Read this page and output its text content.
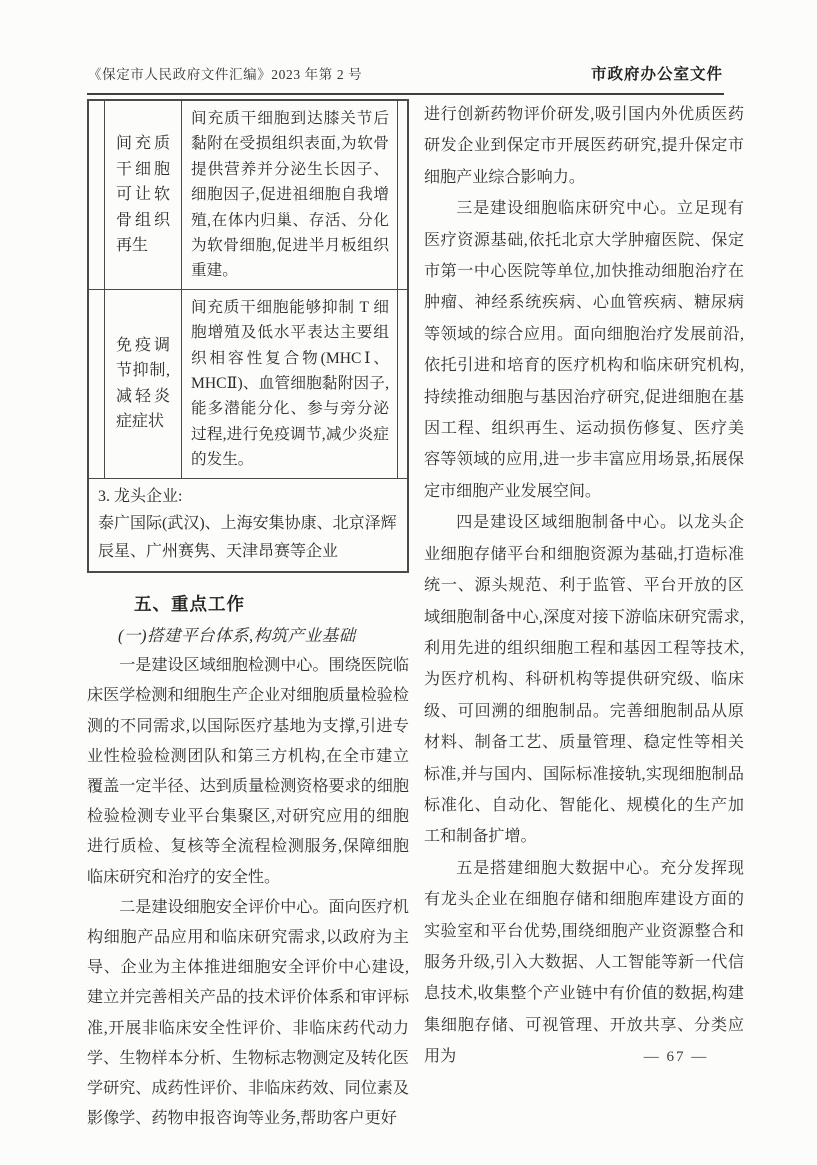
《保定市人民政府文件汇编》2023 年第 2 号	市政府办公室文件
间充质干细胞可让软骨组织再生
间充质干细胞到达膝关节后黏附在受损组织表面,为软骨提供营养并分泌生长因子、细胞因子,促进祖细胞自我增殖,在体内归巢、存活、分化为软骨细胞,促进半月板组织重建。
免疫调节抑制,减轻炎症症状
间充质干细胞能够抑制 T 细胞增殖及低水平表达主要组织相容性复合物(MHCⅠ、MHCⅡ)、血管细胞黏附因子,能多潜能分化、参与旁分泌过程,进行免疫调节,减少炎症的发生。
3. 龙头企业:
泰广国际(武汉)、上海安集协康、北京泽辉辰星、广州赛隽、天津昂赛等企业

五、重点工作

(一)搭建平台体系,构筑产业基础

一是建设区域细胞检测中心。围绕医院临床医学检测和细胞生产企业对细胞质量检验检测的不同需求,以国际医疗基地为支撑,引进专业性检验检测团队和第三方机构,在全市建立覆盖一定半径、达到质量检测资格要求的细胞检验检测专业平台集聚区,对研究应用的细胞进行质检、复核等全流程检测服务,保障细胞临床研究和治疗的安全性。

二是建设细胞安全评价中心。面向医疗机构细胞产品应用和临床研究需求,以政府为主导、企业为主体推进细胞安全评价中心建设,建立并完善相关产品的技术评价体系和审评标准,开展非临床安全性评价、非临床药代动力学、生物样本分析、生物标志物测定及转化医学研究、成药性评价、非临床药效、同位素及影像学、药物申报咨询等业务,帮助客户更好

进行创新药物评价研发,吸引国内外优质医药研发企业到保定市开展医药研究,提升保定市细胞产业综合影响力。

三是建设细胞临床研究中心。立足现有医疗资源基础,依托北京大学肿瘤医院、保定市第一中心医院等单位,加快推动细胞治疗在肿瘤、神经系统疾病、心血管疾病、糖尿病等领域的综合应用。面向细胞治疗发展前沿,依托引进和培育的医疗机构和临床研究机构,持续推动细胞与基因治疗研究,促进细胞在基因工程、组织再生、运动损伤修复、医疗美容等领域的应用,进一步丰富应用场景,拓展保定市细胞产业发展空间。

四是建设区域细胞制备中心。以龙头企业细胞存储平台和细胞资源为基础,打造标准统一、源头规范、利于监管、平台开放的区域细胞制备中心,深度对接下游临床研究需求,利用先进的组织细胞工程和基因工程等技术,为医疗机构、科研机构等提供研究级、临床级、可回溯的细胞制品。完善细胞制品从原材料、制备工艺、质量管理、稳定性等相关标准,并与国内、国际标准接轨,实现细胞制品标准化、自动化、智能化、规模化的生产加工和制备扩增。

五是搭建细胞大数据中心。充分发挥现有龙头企业在细胞存储和细胞库建设方面的实验室和平台优势,围绕细胞产业资源整合和服务升级,引入大数据、人工智能等新一代信息技术,收集整个产业链中有价值的数据,构建集细胞存储、可视管理、开放共享、分类应用为	— 67 —
